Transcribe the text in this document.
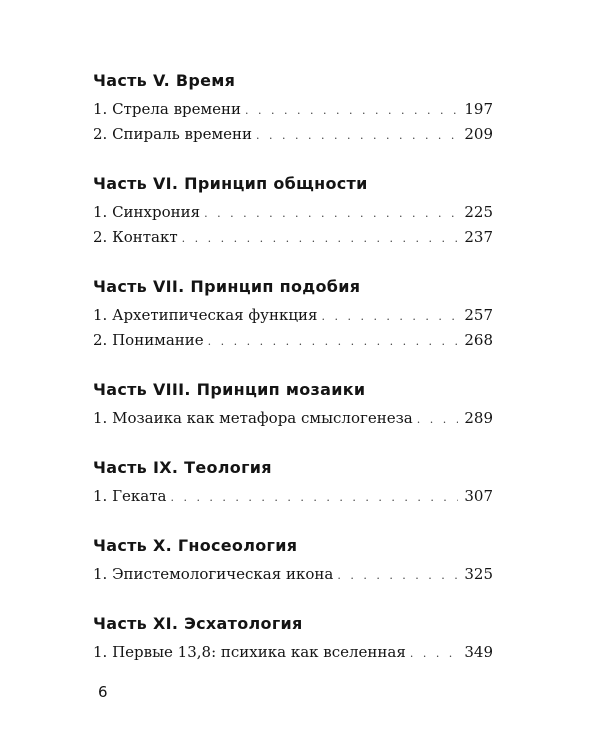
Часть V. Время
1. Стрела времени . . .	197
2. Спираль времени . . .	209
Часть VI. Принцип общности
1. Синхрония . . .	225
2. Контакт . . .	237
Часть VII. Принцип подобия
1. Архетипическая функция . . .	257
2. Понимание . . .	268
Часть VIII. Принцип мозаики
1. Мозаика как метафора смыслогенеза . . .	289
Часть IX. Теология
1. Геката . . .	307
Часть X. Гносеология
1. Эпистемологическая икона . . .	325
Часть XI. Эсхатология
1. Первые 13,8: психика как вселенная . . .	349
6
